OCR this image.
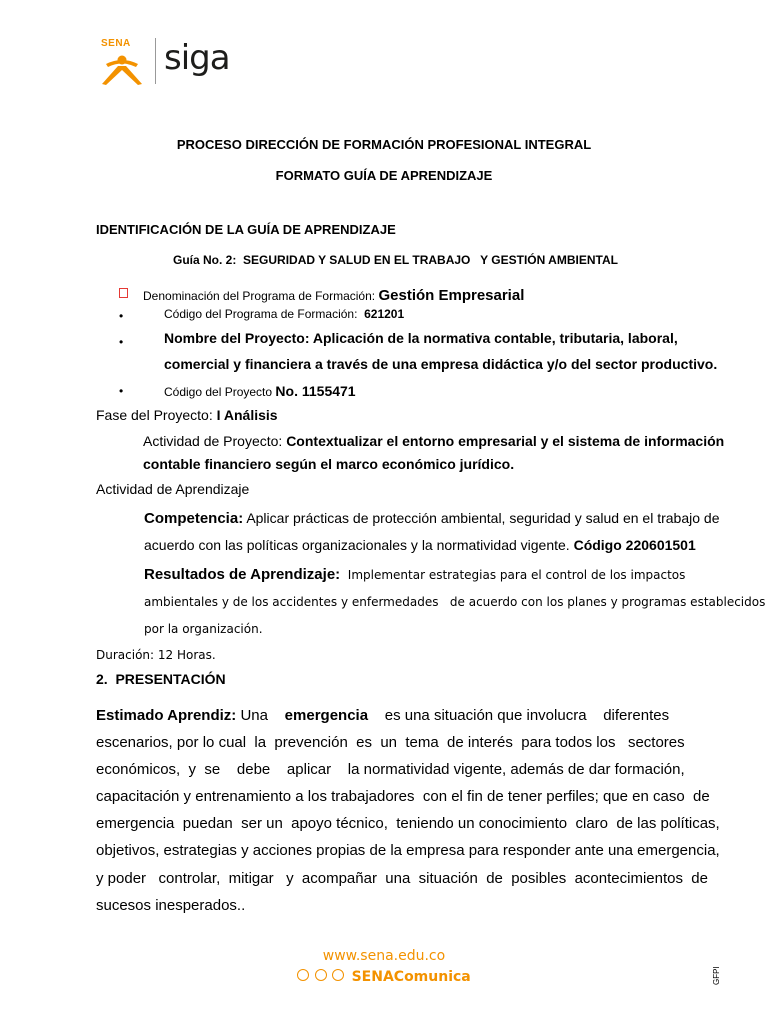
SENA siga
PROCESO DIRECCIÓN DE FORMACIÓN PROFESIONAL INTEGRAL
FORMATO GUÍA DE APRENDIZAJE
IDENTIFICACIÓN DE LA GUÍA DE APRENDIZAJE
Guía No. 2: SEGURIDAD Y SALUD EN EL TRABAJO   Y GESTIÓN AMBIENTAL
Denominación del Programa de Formación: Gestión Empresarial
•	Código del Programa de Formación: 621201
•	Nombre del Proyecto: Aplicación de la normativa contable, tributaria, laboral,
comercial y financiera a través de una empresa didáctica y/o del sector productivo.
•	Código del Proyecto No. 1155471
Fase del Proyecto: I Análisis
Actividad de Proyecto: Contextualizar el entorno empresarial y el sistema de información
contable financiero según el marco económico jurídico.
Actividad de Aprendizaje
Competencia: Aplicar prácticas de protección ambiental, seguridad y salud en el trabajo de
acuerdo con las políticas organizacionales y la normatividad vigente. Código 220601501
Resultados de Aprendizaje: Implementar estrategias para el control de los impactos
ambientales y de los accidentes y enfermedades   de acuerdo con los planes y programas establecidos
por la organización.
Duración: 12 Horas.
2. PRESENTACIÓN
Estimado Aprendiz: Una emergencia es una situación que involucra    diferentes
escenarios, por lo cual  la  prevención  es  un  tema  de interés  para todos los   sectores
económicos,  y  se    debe    aplicar    la normatividad vigente, además de dar formación,
capacitación y entrenamiento a los trabajadores  con el fin de tener perfiles; que en caso  de
emergencia  puedan  ser un  apoyo técnico,  teniendo un conocimiento  claro  de las políticas,
objetivos, estrategias y acciones propias de la empresa para responder ante una emergencia,
y poder   controlar,  mitigar   y  acompañar  una  situación  de  posibles  acontecimientos  de
sucesos inesperados..
www.sena.edu.co
SENAComunica	GFPI
